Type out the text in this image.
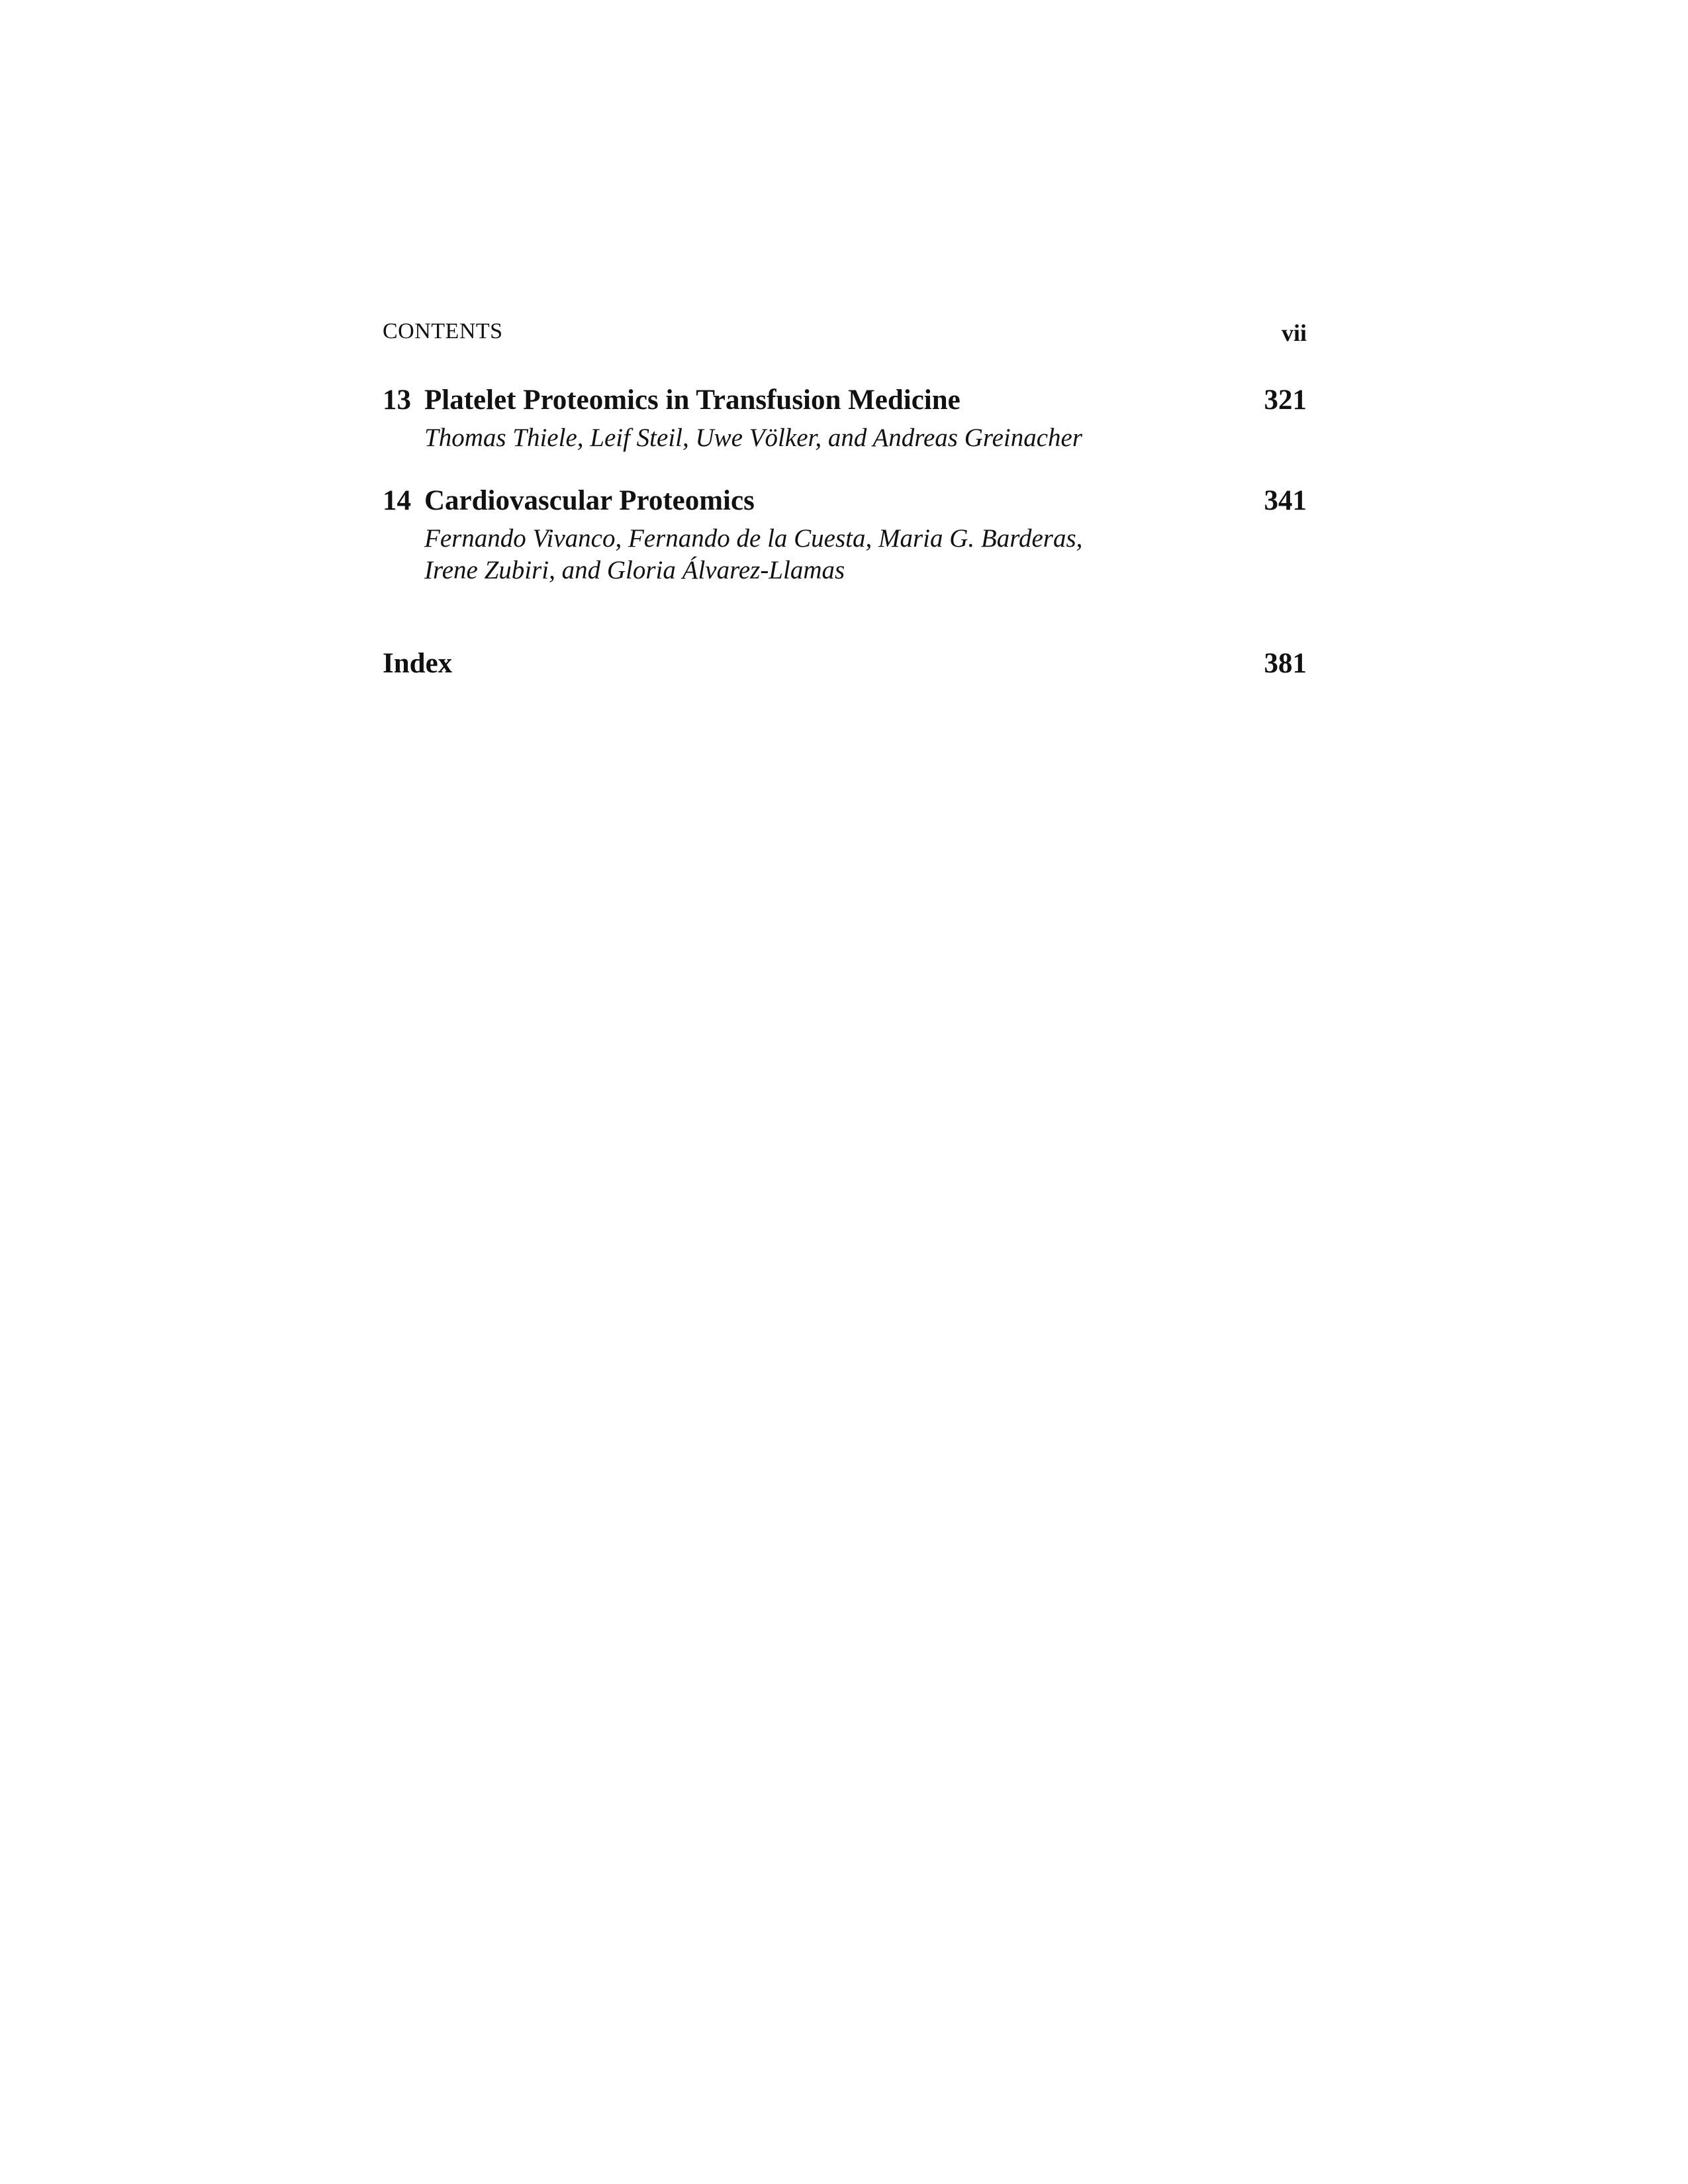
CONTENTS	vii
13 Platelet Proteomics in Transfusion Medicine	321
Thomas Thiele, Leif Steil, Uwe Völker, and Andreas Greinacher
14 Cardiovascular Proteomics	341
Fernando Vivanco, Fernando de la Cuesta, Maria G. Barderas,
Irene Zubiri, and Gloria Álvarez-Llamas
Index	381
